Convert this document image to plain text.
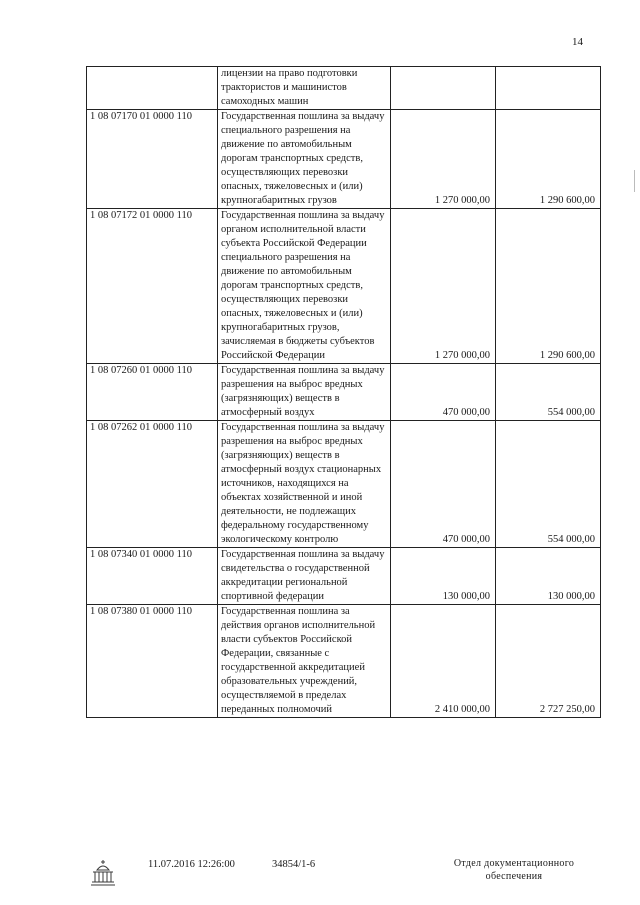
14
	лицензии на право подготовки трактористов и машинистов самоходных машин		
1 08 07170 01 0000 110	Государственная пошлина за выдачу специального разрешения на движение по автомобильным дорогам транспортных средств, осуществляющих перевозки опасных, тяжеловесных и (или) крупногабаритных грузов	1 270 000,00	1 290 600,00
1 08 07172 01 0000 110	Государственная пошлина за выдачу органом исполнительной власти субъекта Российской Федерации специального разрешения на движение по автомобильным дорогам транспортных средств, осуществляющих перевозки опасных, тяжеловесных и (или) крупногабаритных грузов, зачисляемая в бюджеты субъектов Российской Федерации	1 270 000,00	1 290 600,00
1 08 07260 01 0000 110	Государственная пошлина за выдачу разрешения на выброс вредных (загрязняющих) веществ в атмосферный воздух	470 000,00	554 000,00
1 08 07262 01 0000 110	Государственная пошлина за выдачу разрешения на выброс вредных (загрязняющих) веществ в атмосферный воздух стационарных источников, находящихся на объектах хозяйственной и иной деятельности, не подлежащих федеральному государственному экологическому контролю	470 000,00	554 000,00
1 08 07340 01 0000 110	Государственная пошлина за выдачу свидетельства о государственной аккредитации региональной спортивной федерации	130 000,00	130 000,00
1 08 07380 01 0000 110	Государственная пошлина за действия органов исполнительной власти субъектов Российской Федерации, связанные с государственной аккредитацией образовательных учреждений, осуществляемой в пределах переданных полномочий	2 410 000,00	2 727 250,00
11.07.2016 12:26:00	34854/1-6	Отдел документационного
обеспечения
